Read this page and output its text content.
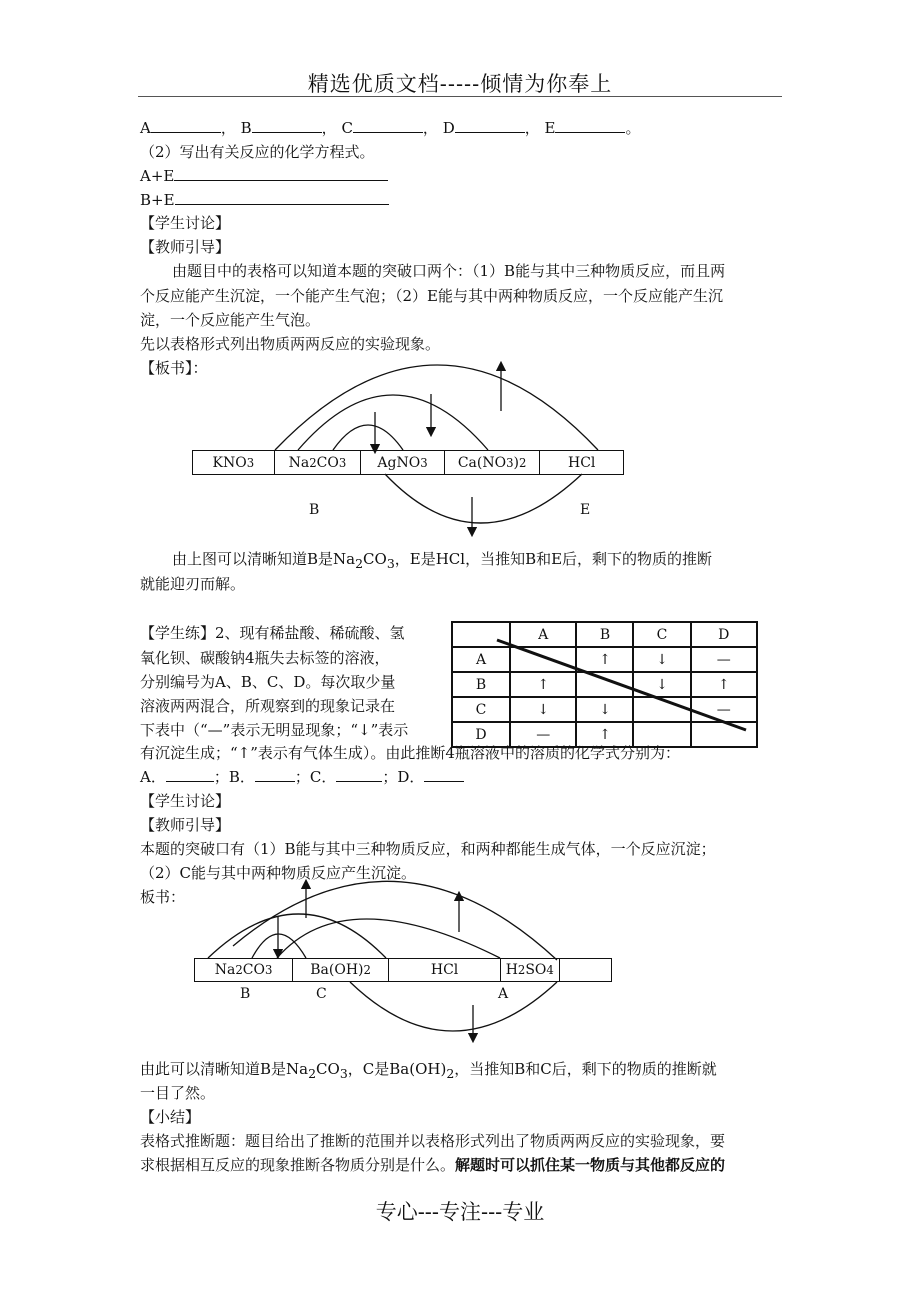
精选优质文档-----倾情为你奉上
A	， B	， C	， D	， E	。
（2）写出有关反应的化学方程式。
A+E
B+E
【学生讨论】
【教师引导】
由题目中的表格可以知道本题的突破口两个：（1）B能与其中三种物质反应，而且两
个反应能产生沉淀，一个能产生气泡；（2）E能与其中两种物质反应，一个反应能产生沉
淀，一个反应能产生气泡。
先以表格形式列出物质两两反应的实验现象。
【板书】：
KNO 3 Na 2 CO 3 AgNO 3 Ca(NO 3 ) 2	HCl
B	E
由上图可以清晰知道B是$Na_2CO_3$，E是HCl，当推知B和E后，剩下的物质的推断
就能迎刃而解。
【学生练】2、现有稀盐酸、稀硫酸、氢
氧化钡、碳酸钠4瓶失去标签的溶液，
分别编号为A、B、C、D。每次取少量
溶液两两混合，所观察到的现象记录在
下表中（“—”表示无明显现象；“↓”表示
有沉淀生成；“↑”表示有气体生成）。由此推断4瓶溶液中的溶质的化学式分别为：
A．	；B．	；C．	；D．
	A	B	C	D
A		↑	↓	—
B	↑		↓	↑
C	↓	↓		—
D	—	↑		
【学生讨论】
【教师引导】
本题的突破口有（1）B能与其中三种物质反应，和两种都能生成气体，一个反应沉淀；
（2）C能与其中两种物质反应产生沉淀。
板书：
Na 2 CO 3	Ba(OH) 2	HCl	H 2 SO 4
B	C	A
由此可以清晰知道B是$Na_2CO_3$，C是$Ba(OH)_2$，当推知B和C后，剩下的物质的推断就
一目了然。
【小结】
表格式推断题：题目给出了推断的范围并以表格形式列出了物质两两反应的实验现象，要
求根据相互反应的现象推断各物质分别是什么。解题时可以抓住某一物质与其他都反应的
专心---专注---专业
